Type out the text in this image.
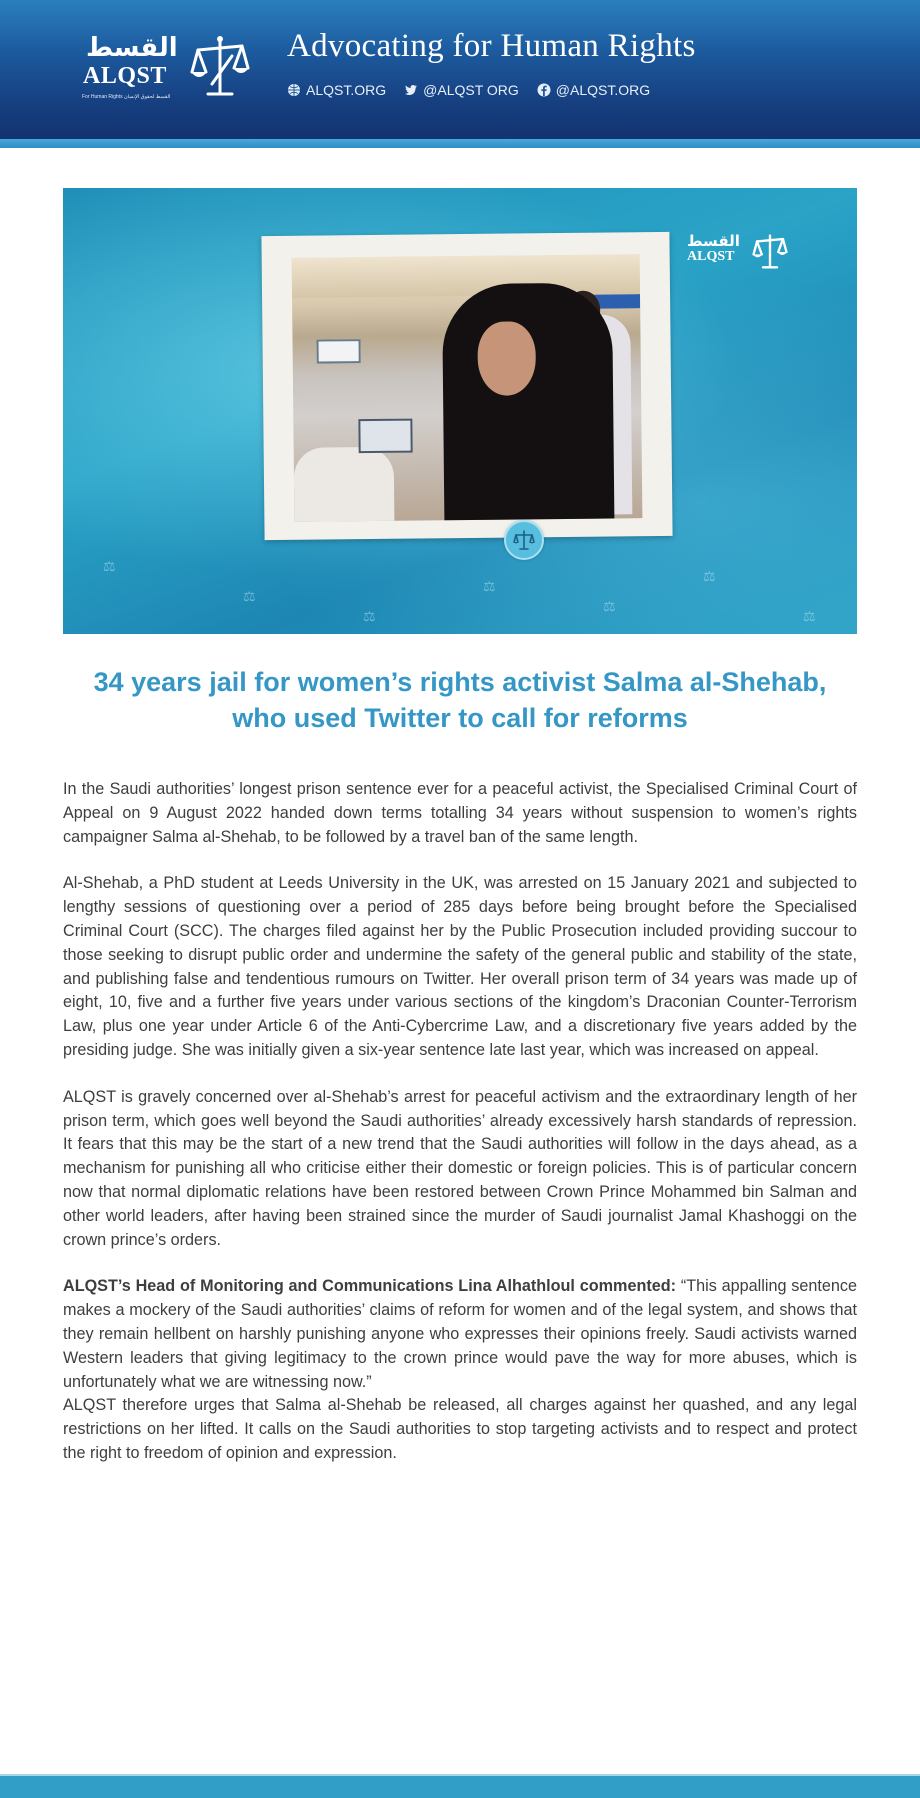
القسط
ALQST
For Human Rights القسط لحقوق الإنسان
Advocating for Human Rights
ALQST.ORG	@ALQST ORG	@ALQST.ORG
⚖
⚖
⚖
⚖
⚖
⚖
⚖
القسط
ALQST
34 years jail for women’s rights activist Salma al-Shehab, who used Twitter to call for reforms

In the Saudi authorities’ longest prison sentence ever for a peaceful activist, the Specialised Criminal Court of Appeal on 9 August 2022 handed down terms totalling 34 years without suspension to women’s rights campaigner Salma al-Shehab, to be followed by a travel ban of the same length.

Al-Shehab, a PhD student at Leeds University in the UK, was arrested on 15 January 2021 and subjected to lengthy sessions of questioning over a period of 285 days before being brought before the Specialised Criminal Court (SCC). The charges filed against her by the Public Prosecution included providing succour to those seeking to disrupt public order and undermine the safety of the general public and stability of the state, and publishing false and tendentious rumours on Twitter. Her overall prison term of 34 years was made up of eight, 10, five and a further five years under various sections of the kingdom’s Draconian Counter-Terrorism Law, plus one year under Article 6 of the Anti-Cybercrime Law, and a discretionary five years added by the presiding judge. She was initially given a six-year sentence late last year, which was increased on appeal.

ALQST is gravely concerned over al-Shehab’s arrest for peaceful activism and the extraordinary length of her prison term, which goes well beyond the Saudi authorities’ already excessively harsh standards of repression. It fears that this may be the start of a new trend that the Saudi authorities will follow in the days ahead, as a mechanism for punishing all who criticise either their domestic or foreign policies. This is of particular concern now that normal diplomatic relations have been restored between Crown Prince Mohammed bin Salman and other world leaders, after having been strained since the murder of Saudi journalist Jamal Khashoggi on the crown prince’s orders.

ALQST’s Head of Monitoring and Communications Lina Alhathloul commented: “This appalling sentence makes a mockery of the Saudi authorities’ claims of reform for women and of the legal system, and shows that they remain hellbent on harshly punishing anyone who expresses their opinions freely. Saudi activists warned Western leaders that giving legitimacy to the crown prince would pave the way for more abuses, which is unfortunately what we are witnessing now.”

ALQST therefore urges that Salma al-Shehab be released, all charges against her quashed, and any legal restrictions on her lifted. It calls on the Saudi authorities to stop targeting activists and to respect and protect the right to freedom of opinion and expression.
